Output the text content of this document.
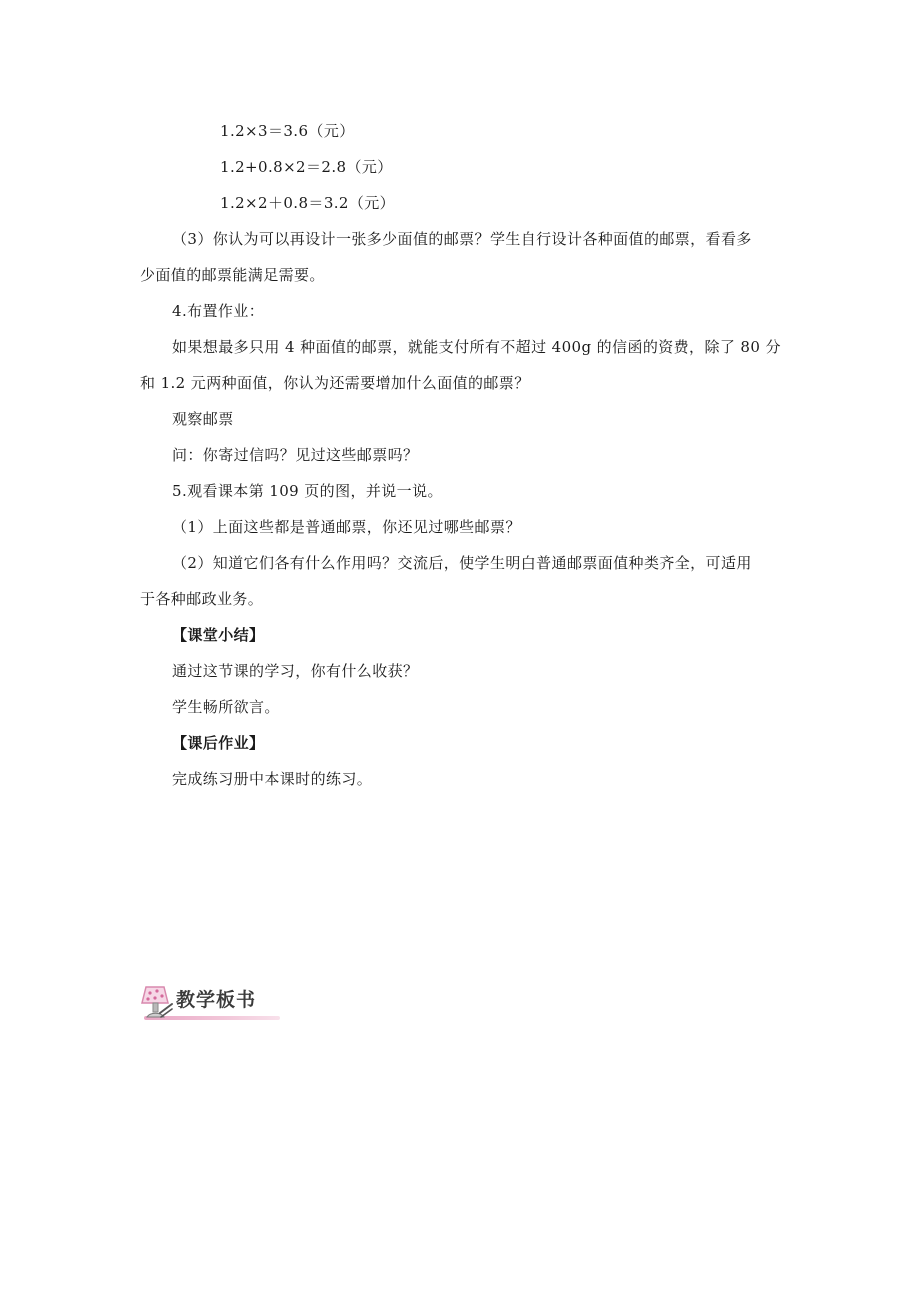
1.2×3＝3.6（元）
1.2+0.8×2＝2.8（元）
1.2×2＋0.8＝3.2（元）
（3）你认为可以再设计一张多少面值的邮票？学生自行设计各种面值的邮票，看看多
少面值的邮票能满足需要。
4.布置作业：
如果想最多只用 4 种面值的邮票，就能支付所有不超过 400g 的信函的资费，除了 80 分
和 1.2 元两种面值，你认为还需要增加什么面值的邮票？
观察邮票
问：你寄过信吗？见过这些邮票吗？
5.观看课本第 109 页的图，并说一说。
（1）上面这些都是普通邮票，你还见过哪些邮票？
（2）知道它们各有什么作用吗？交流后，使学生明白普通邮票面值种类齐全，可适用
于各种邮政业务。
【课堂小结】
通过这节课的学习，你有什么收获？
学生畅所欲言。
【课后作业】
完成练习册中本课时的练习。
教学板书
